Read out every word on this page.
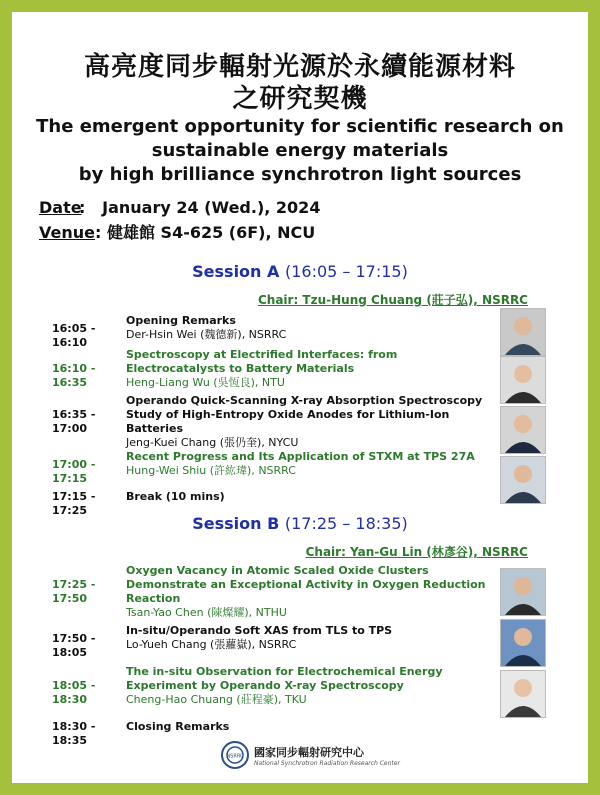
高亮度同步輻射光源於永續能源材料
之研究契機
The emergent opportunity for scientific research on
sustainable energy materials
by high brilliance synchrotron light sources
Date:   January 24 (Wed.), 2024
Venue: 健雄館 S4-625 (6F), NCU
Session A (16:05 – 17:15)
Chair: Tzu-Hung Chuang (莊子弘), NSRRC
16:05 - 16:10
Opening Remarks
Der-Hsin Wei (魏德新), NSRRC
16:10 - 16:35
Spectroscopy at Electrified Interfaces: from Electrocatalysts to Battery Materials
Heng-Liang Wu (吳恆良), NTU
16:35 - 17:00
Operando Quick-Scanning X-ray Absorption Spectroscopy Study of High-Entropy Oxide Anodes for Lithium-Ion Batteries
Jeng-Kuei Chang (張仍奎), NYCU
17:00 - 17:15
Recent Progress and Its Application of STXM at TPS 27A
Hung-Wei Shiu (許紘瑋), NSRRC
17:15 - 17:25
Break (10 mins)
Session B (17:25 – 18:35)
Chair: Yan-Gu Lin (林彥谷), NSRRC
17:25 - 17:50
Oxygen Vacancy in Atomic Scaled Oxide Clusters Demonstrate an Exceptional Activity in Oxygen Reduction Reaction
Tsan-Yao Chen (陳燦耀), NTHU
17:50 - 18:05
In-situ/Operando Soft XAS from TLS to TPS
Lo-Yueh Chang (張蘿嶽), NSRRC
18:05 - 18:30
The in-situ Observation for Electrochemical Energy Experiment by Operando X-ray Spectroscopy
Cheng-Hao Chuang (莊程豪), TKU
18:30 - 18:35
Closing Remarks
NSRRC 國家同步輻射研究中心
National Synchrotron Radiation Research Center
